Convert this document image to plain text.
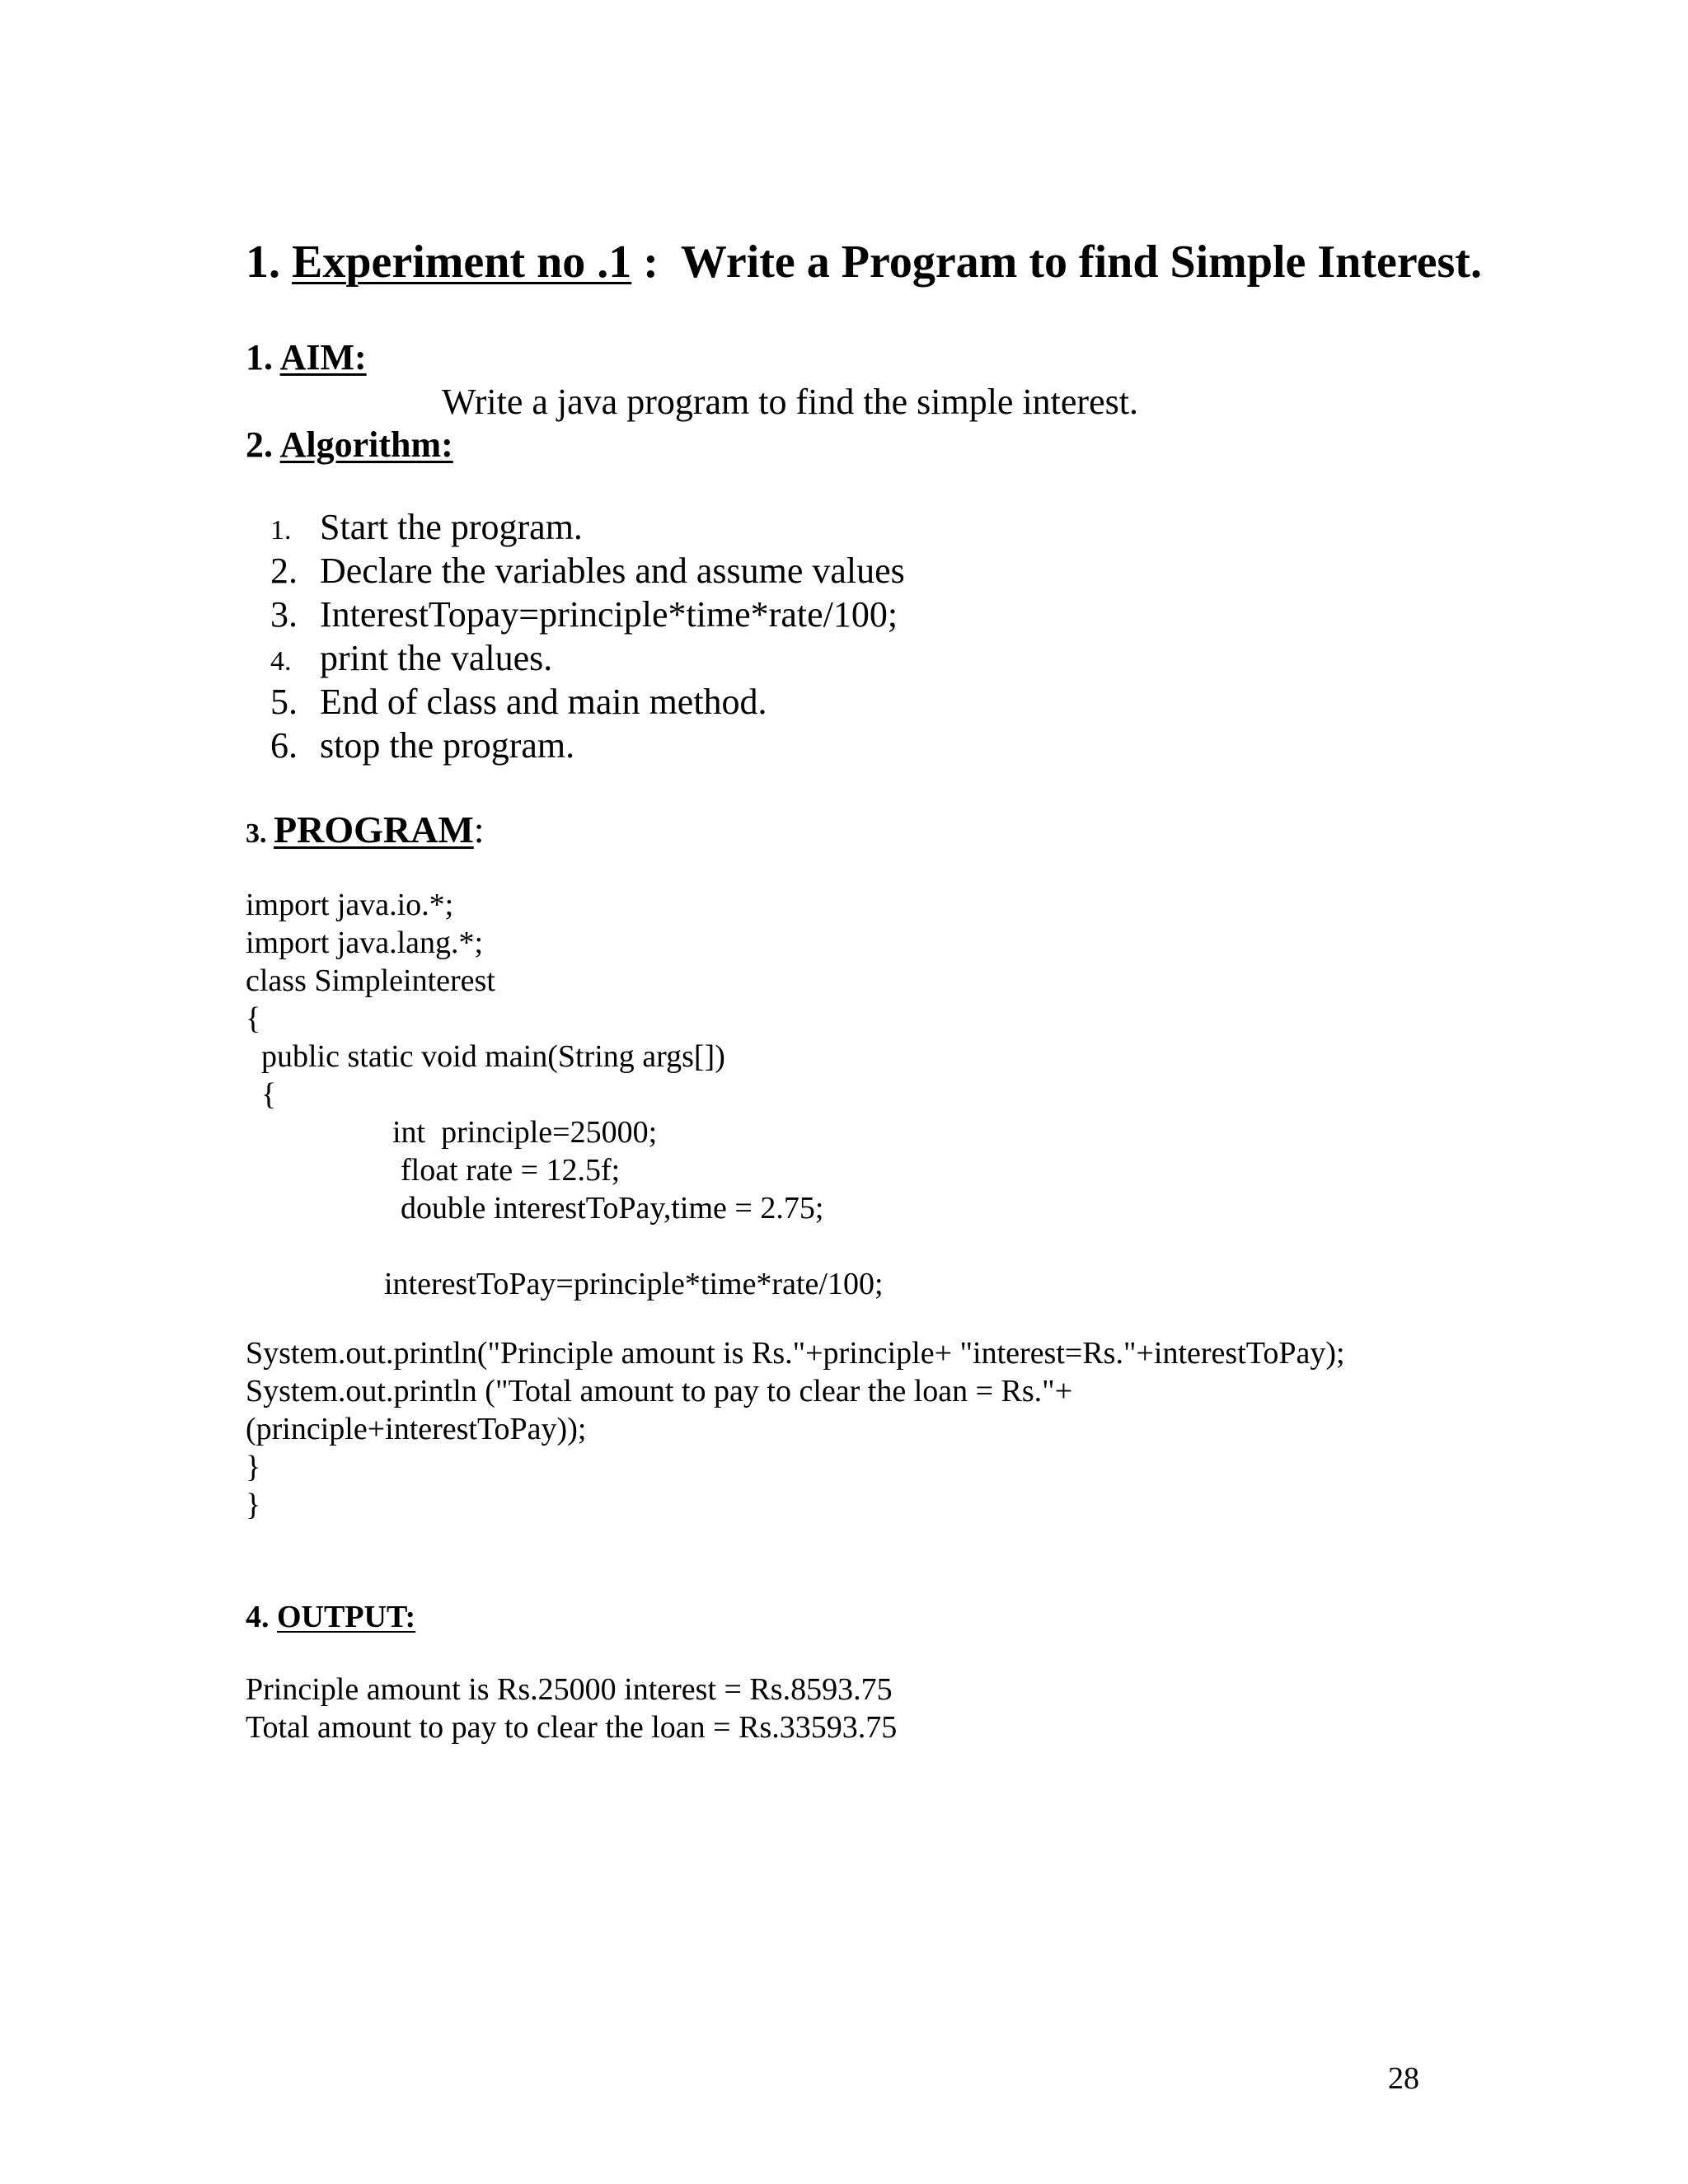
1. Experiment no .1 :  Write a Program to find Simple Interest.
1. AIM:
Write a java program to find the simple interest.
2. Algorithm:
1. Start the program.
2. Declare the variables and assume values
3. InterestTopay=principle*time*rate/100;
4. print the values.
5. End of class and main method.
6. stop the program.
3. PROGRAM:
import java.io.*;
import java.lang.*;
class Simpleinterest
{
public static void main(String args[])
{
int  principle=25000;
float rate = 12.5f;
double interestToPay,time = 2.75;
interestToPay=principle*time*rate/100;
System.out.println("Principle amount is Rs."+principle+ "interest=Rs."+interestToPay);
System.out.println ("Total amount to pay to clear the loan = Rs."+
(principle+interestToPay));
}
}
4. OUTPUT:
Principle amount is Rs.25000 interest = Rs.8593.75
Total amount to pay to clear the loan = Rs.33593.75
28
